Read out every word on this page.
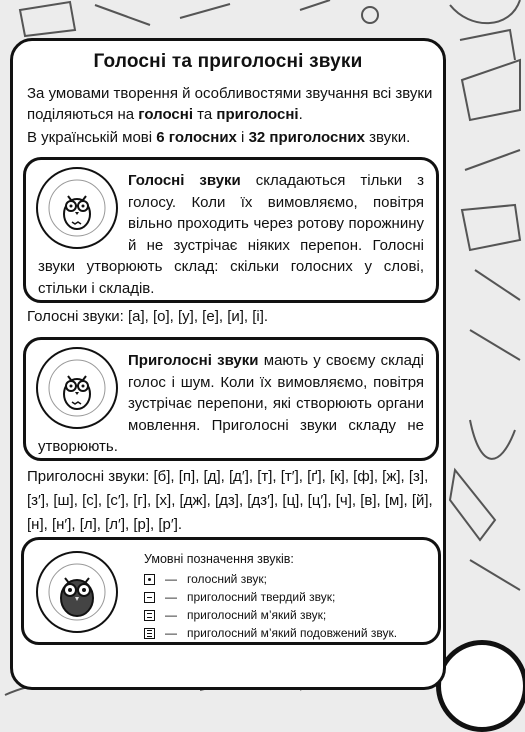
Голосні та приголосні звуки
За умовами творення й особливостями звучання всі звуки поділяються на голосні та приголосні.
В українській мові 6 голосних і 32 приголосних звуки.
Голосні звуки складаються тільки з голосу. Коли їх вимовляємо, повітря вільно проходить через ротову порожнину й не зустрічає ніяких перепон. Голосні звуки утворюють склад: скільки голосних у слові, стільки і складів.
Голосні звуки: [а], [о], [у], [е], [и], [і].
Приголосні звуки мають у своєму складі голос і шум. Коли їх вимовляємо, повітря зустрічає перепони, які створюють органи мовлення. Приголосні звуки складу не утворюють.
Приголосні звуки: [б], [п], [д], [д′], [т], [т′], [ґ], [к], [ф], [ж], [з], [з′], [ш], [с], [с′], [г], [х], [дж], [дз], [дз′], [ц], [ц′], [ч], [в], [м], [й], [н], [н′], [л], [л′], [р], [р′].
Умовні позначення звуків:
— голосний звук;
— приголосний твердий звук;
— приголосний м’який звук;
— приголосний м’який подовжений звук.
